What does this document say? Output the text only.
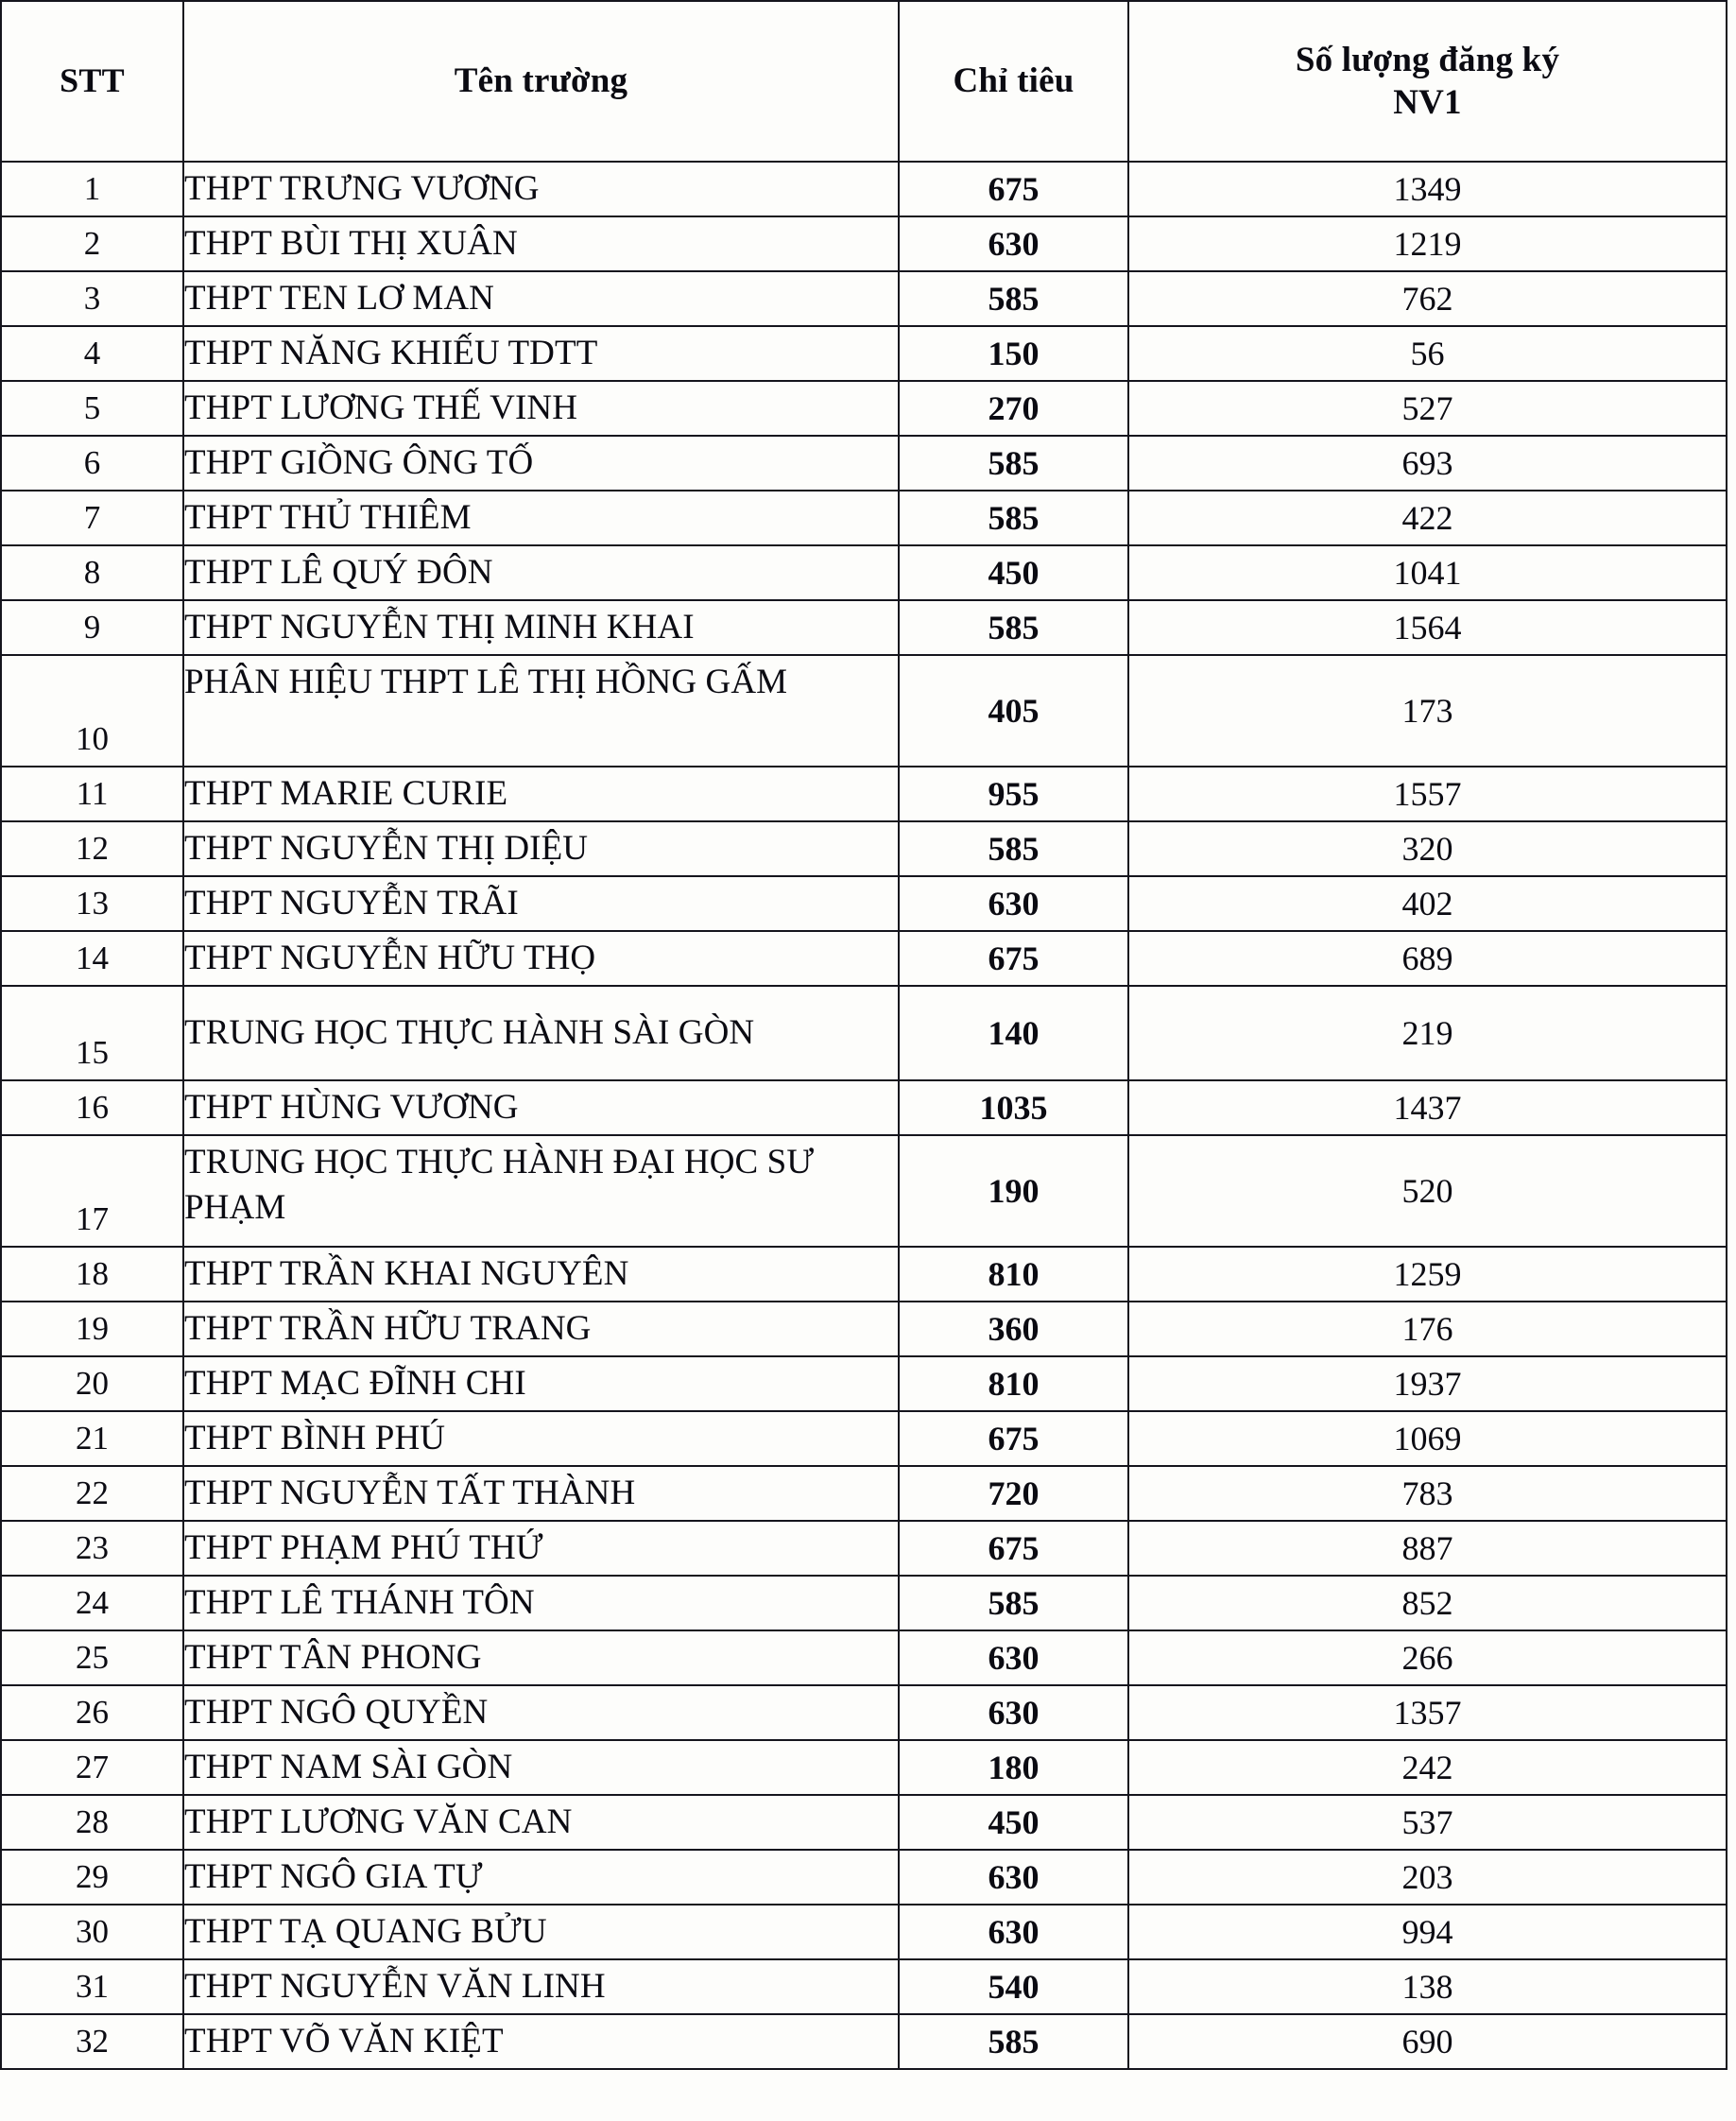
STT	Tên trường	Chỉ tiêu	Số lượng đăng ký
NV1
1	THPT TRƯNG VƯƠNG	675	1349
2	THPT BÙI THỊ XUÂN	630	1219
3	THPT TEN LƠ MAN	585	762
4	THPT NĂNG KHIẾU TDTT	150	56
5	THPT LƯƠNG THẾ VINH	270	527
6	THPT GIỒNG ÔNG TỐ	585	693
7	THPT THỦ THIÊM	585	422
8	THPT LÊ QUÝ ĐÔN	450	1041
9	THPT NGUYỄN THỊ MINH KHAI	585	1564
10	PHÂN HIỆU THPT LÊ THỊ HỒNG GẤM	405	173
11	THPT MARIE CURIE	955	1557
12	THPT NGUYỄN THỊ DIỆU	585	320
13	THPT NGUYỄN TRÃI	630	402
14	THPT NGUYỄN HỮU THỌ	675	689
15	TRUNG HỌC THỰC HÀNH SÀI GÒN	140	219
16	THPT HÙNG VƯƠNG	1035	1437
17	TRUNG HỌC THỰC HÀNH ĐẠI HỌC SƯ PHẠM	190	520
18	THPT TRẦN KHAI NGUYÊN	810	1259
19	THPT TRẦN HỮU TRANG	360	176
20	THPT MẠC ĐĨNH CHI	810	1937
21	THPT BÌNH PHÚ	675	1069
22	THPT NGUYỄN TẤT THÀNH	720	783
23	THPT PHẠM PHÚ THỨ	675	887
24	THPT LÊ THÁNH TÔN	585	852
25	THPT TÂN PHONG	630	266
26	THPT NGÔ QUYỀN	630	1357
27	THPT NAM SÀI GÒN	180	242
28	THPT LƯƠNG VĂN CAN	450	537
29	THPT NGÔ GIA TỰ	630	203
30	THPT TẠ QUANG BỬU	630	994
31	THPT NGUYỄN VĂN LINH	540	138
32	THPT VÕ VĂN KIỆT	585	690
